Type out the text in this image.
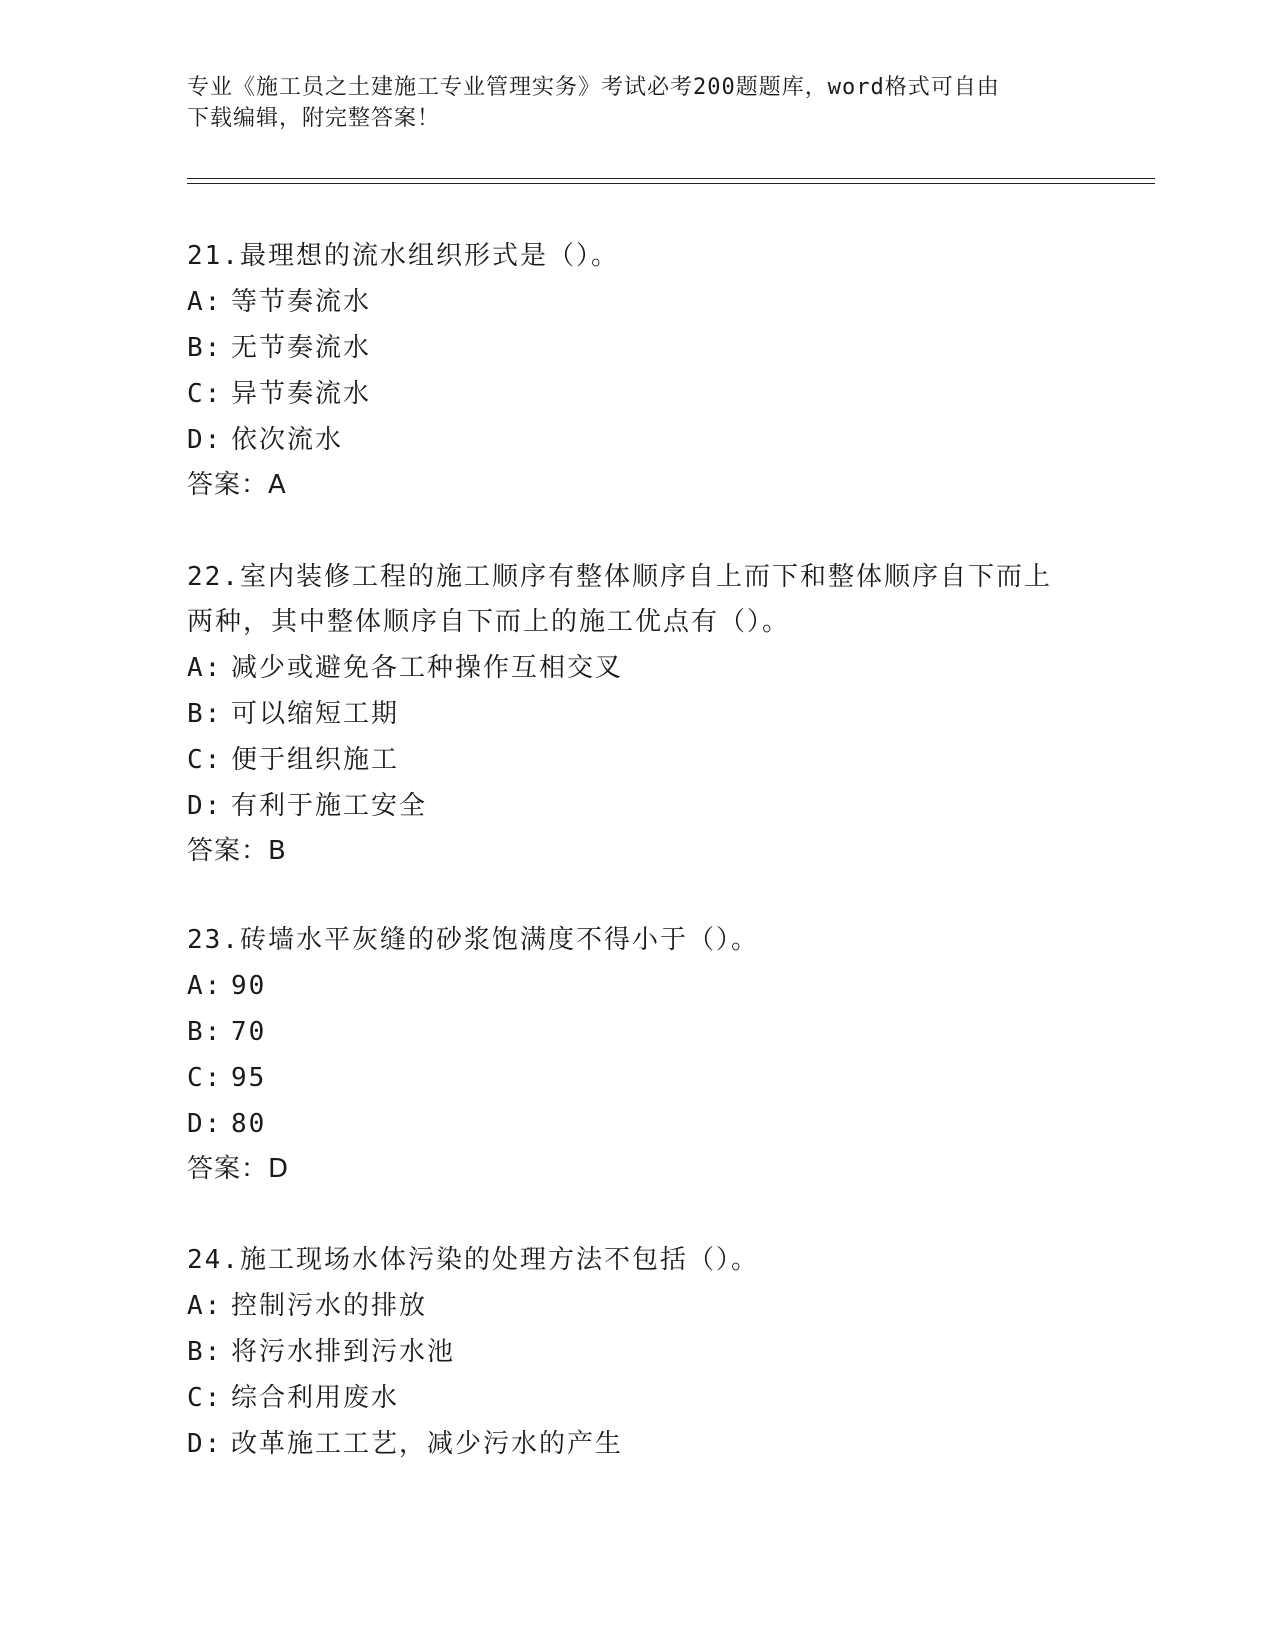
专业《施工员之土建施工专业管理实务》考试必考200题题库，word格式可自由
下载编辑，附完整答案！
21.最理想的流水组织形式是（）。
A: 等节奏流水
B: 无节奏流水
C: 异节奏流水
D: 依次流水
答案：A
22.室内装修工程的施工顺序有整体顺序自上而下和整体顺序自下而上
两种，其中整体顺序自下而上的施工优点有（）。
A: 减少或避免各工种操作互相交叉
B: 可以缩短工期
C: 便于组织施工
D: 有利于施工安全
答案：B
23.砖墙水平灰缝的砂浆饱满度不得小于（）。
A: 90
B: 70
C: 95
D: 80
答案：D
24.施工现场水体污染的处理方法不包括（）。
A: 控制污水的排放
B: 将污水排到污水池
C: 综合利用废水
D: 改革施工工艺，减少污水的产生
